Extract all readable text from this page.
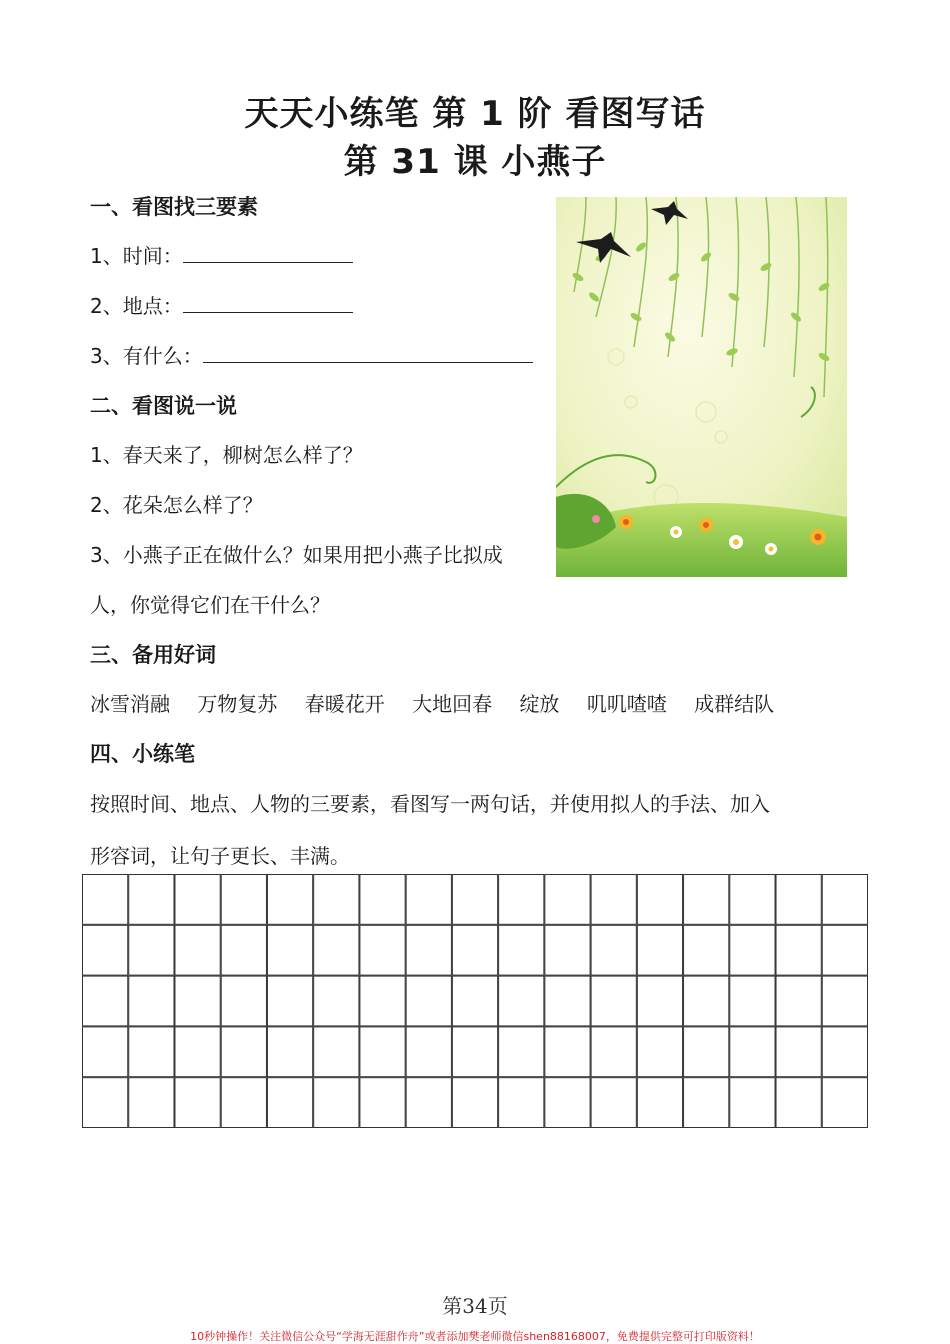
天天小练笔 第 1 阶 看图写话
第 31 课 小燕子
一、看图找三要素
1、时间：
2、地点：
3、有什么：
二、看图说一说
1、春天来了，柳树怎么样了？
2、花朵怎么样了？
3、小燕子正在做什么？如果用把小燕子比拟成
人，你觉得它们在干什么？
三、备用好词
冰雪消融 万物复苏 春暖花开 大地回春 绽放 叽叽喳喳 成群结队
四、小练笔
按照时间、地点、人物的三要素，看图写一两句话，并使用拟人的手法、加入
形容词，让句子更长、丰满。
第34页
10秒钟操作！关注微信公众号“学海无涯甜作舟”或者添加樊老师微信shen88168007，免费提供完整可打印版资料！
